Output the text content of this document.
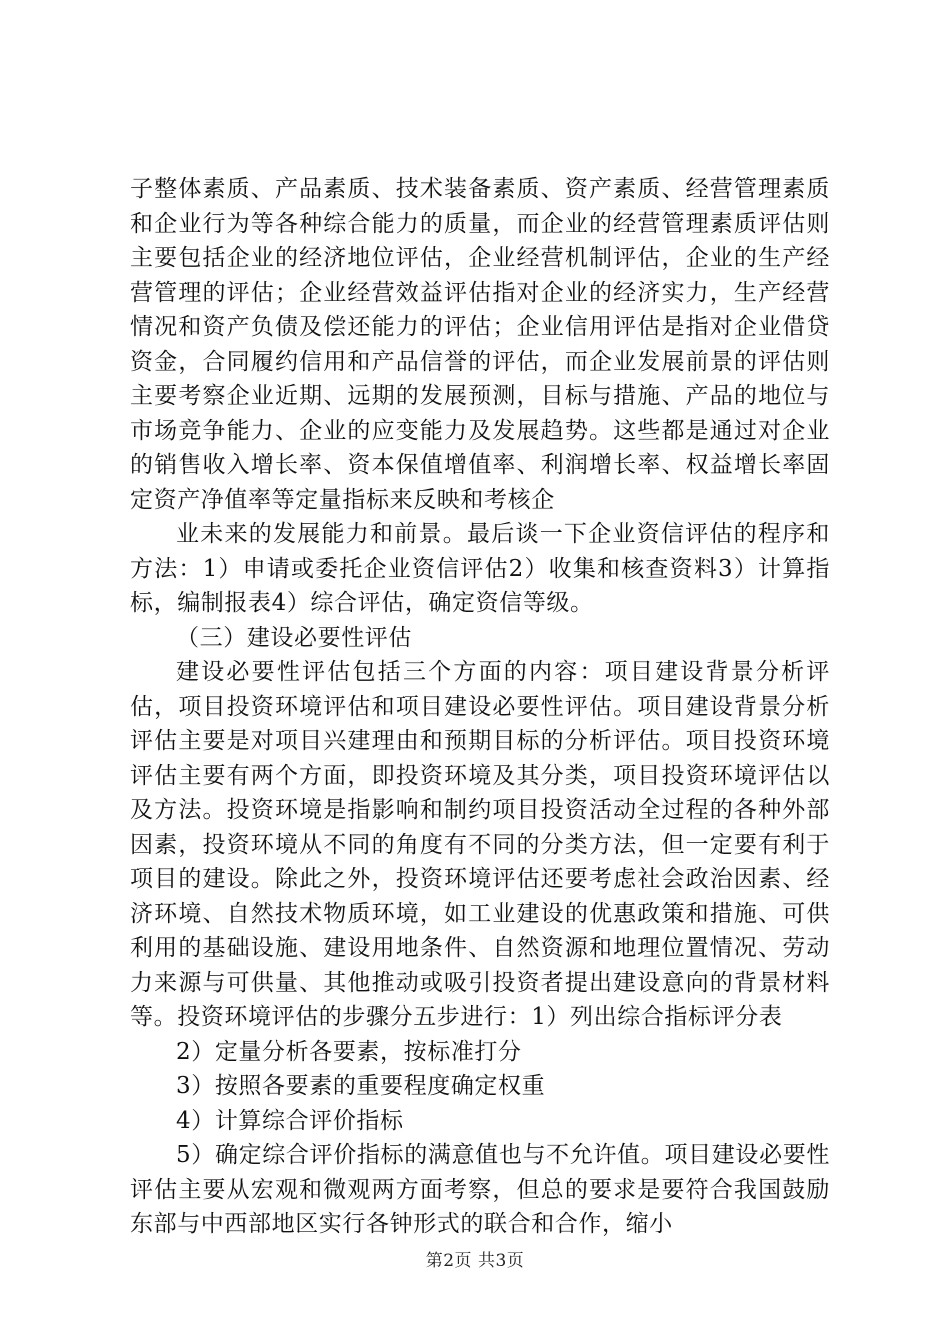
子整体素质、产品素质、技术装备素质、资产素质、经营管理素质和企业行为等各种综合能力的质量，而企业的经营管理素质评估则主要包括企业的经济地位评估，企业经营机制评估，企业的生产经营管理的评估；企业经营效益评估指对企业的经济实力，生产经营情况和资产负债及偿还能力的评估；企业信用评估是指对企业借贷资金，合同履约信用和产品信誉的评估，而企业发展前景的评估则主要考察企业近期、远期的发展预测，目标与措施、产品的地位与市场竞争能力、企业的应变能力及发展趋势。这些都是通过对企业的销售收入增长率、资本保值增值率、利润增长率、权益增长率固定资产净值率等定量指标来反映和考核企

业未来的发展能力和前景。最后谈一下企业资信评估的程序和方法：1）申请或委托企业资信评估2）收集和核查资料3）计算指标，编制报表4）综合评估，确定资信等级。

（三）建设必要性评估

建设必要性评估包括三个方面的内容：项目建设背景分析评估，项目投资环境评估和项目建设必要性评估。项目建设背景分析评估主要是对项目兴建理由和预期目标的分析评估。项目投资环境评估主要有两个方面，即投资环境及其分类，项目投资环境评估以及方法。投资环境是指影响和制约项目投资活动全过程的各种外部因素，投资环境从不同的角度有不同的分类方法，但一定要有利于项目的建设。除此之外，投资环境评估还要考虑社会政治因素、经济环境、自然技术物质环境，如工业建设的优惠政策和措施、可供利用的基础设施、建设用地条件、自然资源和地理位置情况、劳动力来源与可供量、其他推动或吸引投资者提出建设意向的背景材料等。投资环境评估的步骤分五步进行：1）列出综合指标评分表

2）定量分析各要素，按标准打分

3）按照各要素的重要程度确定权重

4）计算综合评价指标

5）确定综合评价指标的满意值也与不允许值。项目建设必要性评估主要从宏观和微观两方面考察，但总的要求是要符合我国鼓励东部与中西部地区实行各钟形式的联合和合作，缩小

第2页 共3页
